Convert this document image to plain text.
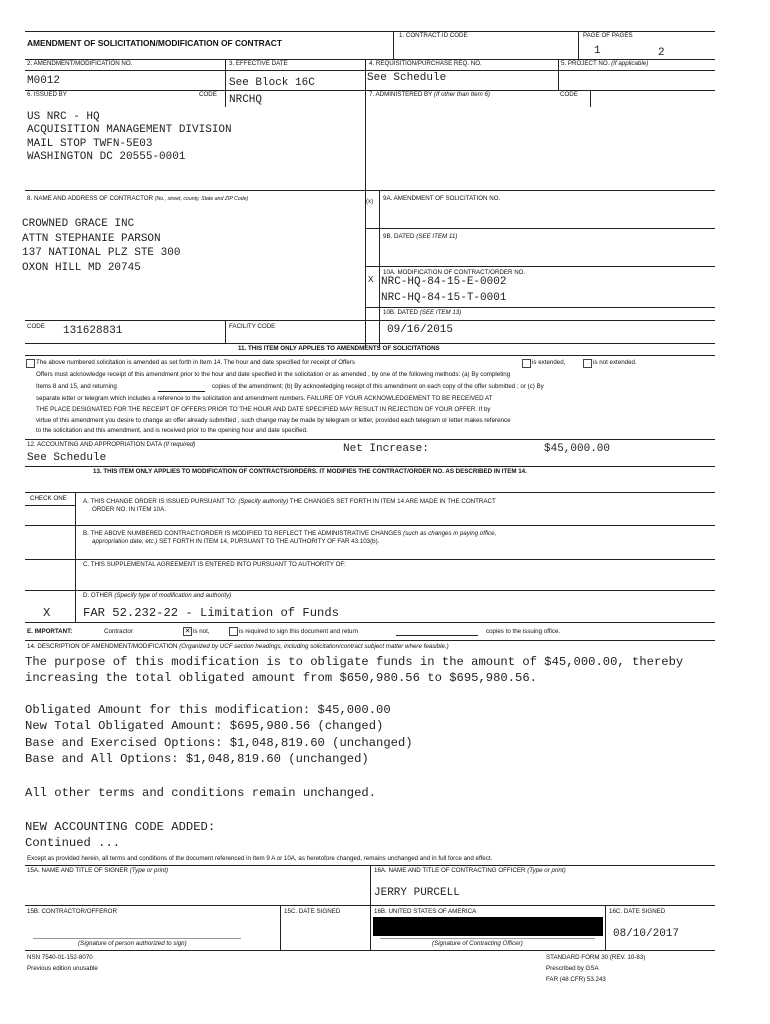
AMENDMENT OF SOLICITATION/MODIFICATION OF CONTRACT
1. CONTRACT ID CODE	PAGE OF PAGES
1	2
2. AMENDMENT/MODIFICATION NO.
M0012
3. EFFECTIVE DATE
See Block 16C
4. REQUISITION/PURCHASE REQ. NO.
See Schedule
5. PROJECT NO. (If applicable)
6. ISSUED BY	CODE NRCHQ	7. ADMINISTERED BY (If other than Item 6)	CODE
US NRC - HQ
ACQUISITION MANAGEMENT DIVISION
MAIL STOP TWFN-5E03
WASHINGTON DC 20555-0001
8. NAME AND ADDRESS OF CONTRACTOR (No., street, county, State and ZIP Code)
CROWNED GRACE INC
ATTN STEPHANIE PARSON
137 NATIONAL PLZ STE 300
OXON HILL MD 20745
CODE 131628831	FACILITY CODE
(x) 9A. AMENDMENT OF SOLICITATION NO.
9B. DATED (SEE ITEM 11)
X
10A. MODIFICATION OF CONTRACT/ORDER NO.
NRC-HQ-84-15-E-0002
NRC-HQ-84-15-T-0001
10B. DATED (SEE ITEM 13)
09/16/2015
11. THIS ITEM ONLY APPLIES TO AMENDMENTS OF SOLICITATIONS
The above numbered solicitation is amended as set forth in Item 14. The hour and date specified for receipt of Offers	is extended,	is not extended.
Offers must acknowledge receipt of this amendment prior to the hour and date specified in the solicitation or as amended , by one of the following methods: (a) By completing
Items 8 and 15, and returning	copies of the amendment; (b) By acknowledging receipt of this amendment on each copy of the offer submitted ; or (c) By
separate letter or telegram which includes a reference to the solicitation and amendment numbers. FAILURE OF YOUR ACKNOWLEDGEMENT TO BE RECEIVED AT
THE PLACE DESIGNATED FOR THE RECEIPT OF OFFERS PRIOR TO THE HOUR AND DATE SPECIFIED MAY RESULT IN REJECTION OF YOUR OFFER. If by
virtue of this amendment you desire to change an offer already submitted , such change may be made by telegram or letter, provided each telegram or letter makes reference
to the solicitation and this amendment, and is received prior to the opening hour and date specified.
12. ACCOUNTING AND APPROPRIATION DATA (If required)
See Schedule
Net Increase:	$45,000.00
13. THIS ITEM ONLY APPLIES TO MODIFICATION OF CONTRACTS/ORDERS. IT MODIFIES THE CONTRACT/ORDER NO. AS DESCRIBED IN ITEM 14.
CHECK ONE	A. THIS CHANGE ORDER IS ISSUED PURSUANT TO: (Specify authority) THE CHANGES SET FORTH IN ITEM 14 ARE MADE IN THE CONTRACT
ORDER NO. IN ITEM 10A.
B. THE ABOVE NUMBERED CONTRACT/ORDER IS MODIFIED TO REFLECT THE ADMINISTRATIVE CHANGES (such as changes in paying office,
appropriation date, etc.) SET FORTH IN ITEM 14, PURSUANT TO THE AUTHORITY OF FAR 43.103(b).
C. THIS SUPPLEMENTAL AGREEMENT IS ENTERED INTO PURSUANT TO AUTHORITY OF:
D. OTHER (Specify type of modification and authority)
X	FAR 52.232-22 - Limitation of Funds
E. IMPORTANT:	Contractor	✕ is not,	is required to sign this document and return	copies to the issuing office.
14. DESCRIPTION OF AMENDMENT/MODIFICATION (Organized by UCF section headings, including solicitation/contract subject matter where feasible.)
The purpose of this modification is to obligate funds in the amount of $45,000.00, thereby
increasing the total obligated amount from $650,980.56 to $695,980.56.
Obligated Amount for this modification: $45,000.00
New Total Obligated Amount: $695,980.56 (changed)
Base and Exercised Options: $1,048,819.60 (unchanged)
Base and All Options: $1,048,819.60 (unchanged)
All other terms and conditions remain unchanged.
NEW ACCOUNTING CODE ADDED:
Continued ...
Except as provided herein, all terms and conditions of the document referenced in Item 9 A or 10A, as heretofore changed, remains unchanged and in full force and effect.
15A. NAME AND TITLE OF SIGNER (Type or print)	16A. NAME AND TITLE OF CONTRACTING OFFICER (Type or print)
JERRY PURCELL
15B. CONTRACTOR/OFFEROR	15C. DATE SIGNED	16B. UNITED STATES OF AMERICA	16C. DATE SIGNED
08/10/2017
(Signature of person authorized to sign)	(Signature of Contracting Officer)
NSN 7540-01-152-8070
Previous edition unusable
STANDARD FORM 30 (REV. 10-83)
Prescribed by GSA
FAR (48 CFR) 53.243
